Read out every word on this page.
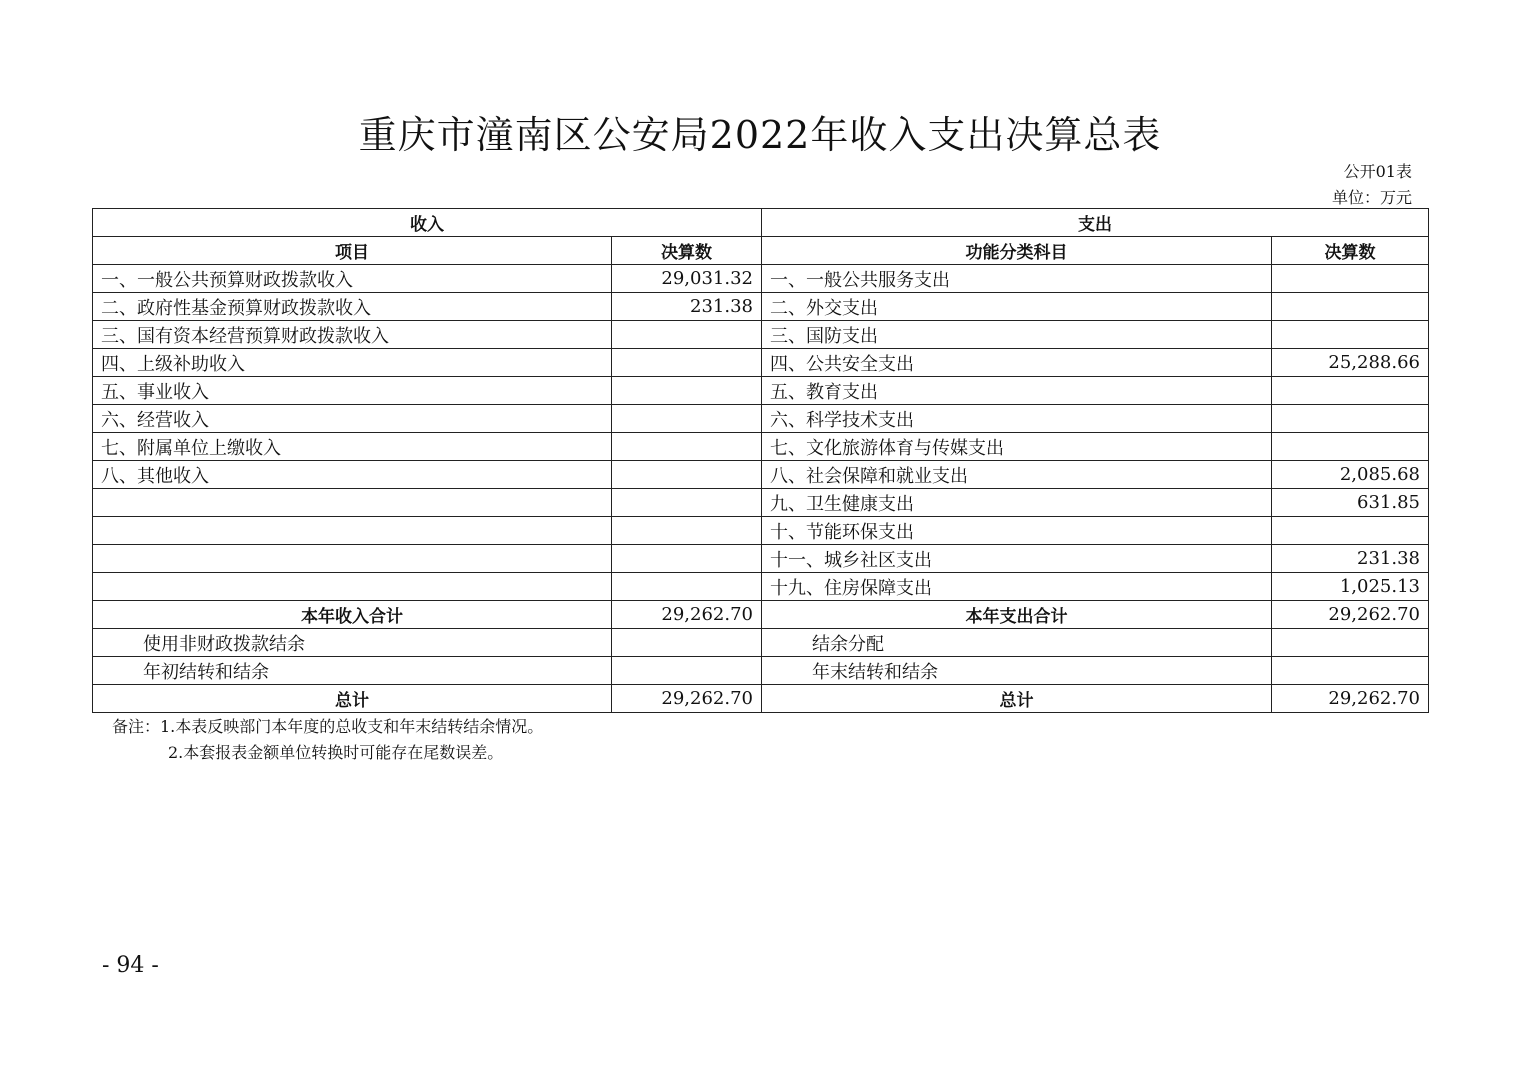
重庆市潼南区公安局2022年收入支出决算总表
公开01表
单位：万元
收入		支出	
项目	决算数	功能分类科目	决算数
一、一般公共预算财政拨款收入	29,031.32	一、一般公共服务支出	
二、政府性基金预算财政拨款收入	231.38	二、外交支出	
三、国有资本经营预算财政拨款收入		三、国防支出	
四、上级补助收入		四、公共安全支出	25,288.66
五、事业收入		五、教育支出	
六、经营收入		六、科学技术支出	
七、附属单位上缴收入		七、文化旅游体育与传媒支出	
八、其他收入		八、社会保障和就业支出	2,085.68
		九、卫生健康支出	631.85
		十、节能环保支出	
		十一、城乡社区支出	231.38
		十九、住房保障支出	1,025.13
本年收入合计	29,262.70	本年支出合计	29,262.70
使用非财政拨款结余		结余分配	
年初结转和结余		年末结转和结余	
总计	29,262.70	总计	29,262.70
备注：1.本表反映部门本年度的总收支和年末结转结余情况。
2.本套报表金额单位转换时可能存在尾数误差。
- 94 -
